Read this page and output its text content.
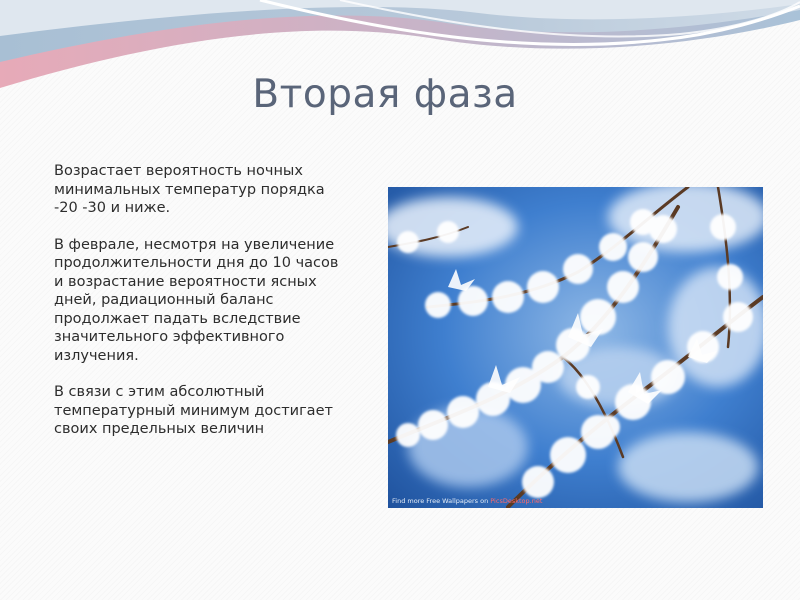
Вторая фаза

Возрастает вероятность ночных
минимальных температур порядка
-20 -30 и ниже.

В феврале, несмотря на увеличение
продолжительности дня до 10 часов
и возрастание вероятности ясных
дней, радиационный баланс
продолжает падать вследствие
значительного эффективного
излучения.

В связи с этим абсолютный
температурный минимум достигает
своих предельных величин

Find more Free Wallpapers on PicsDesktop.net
